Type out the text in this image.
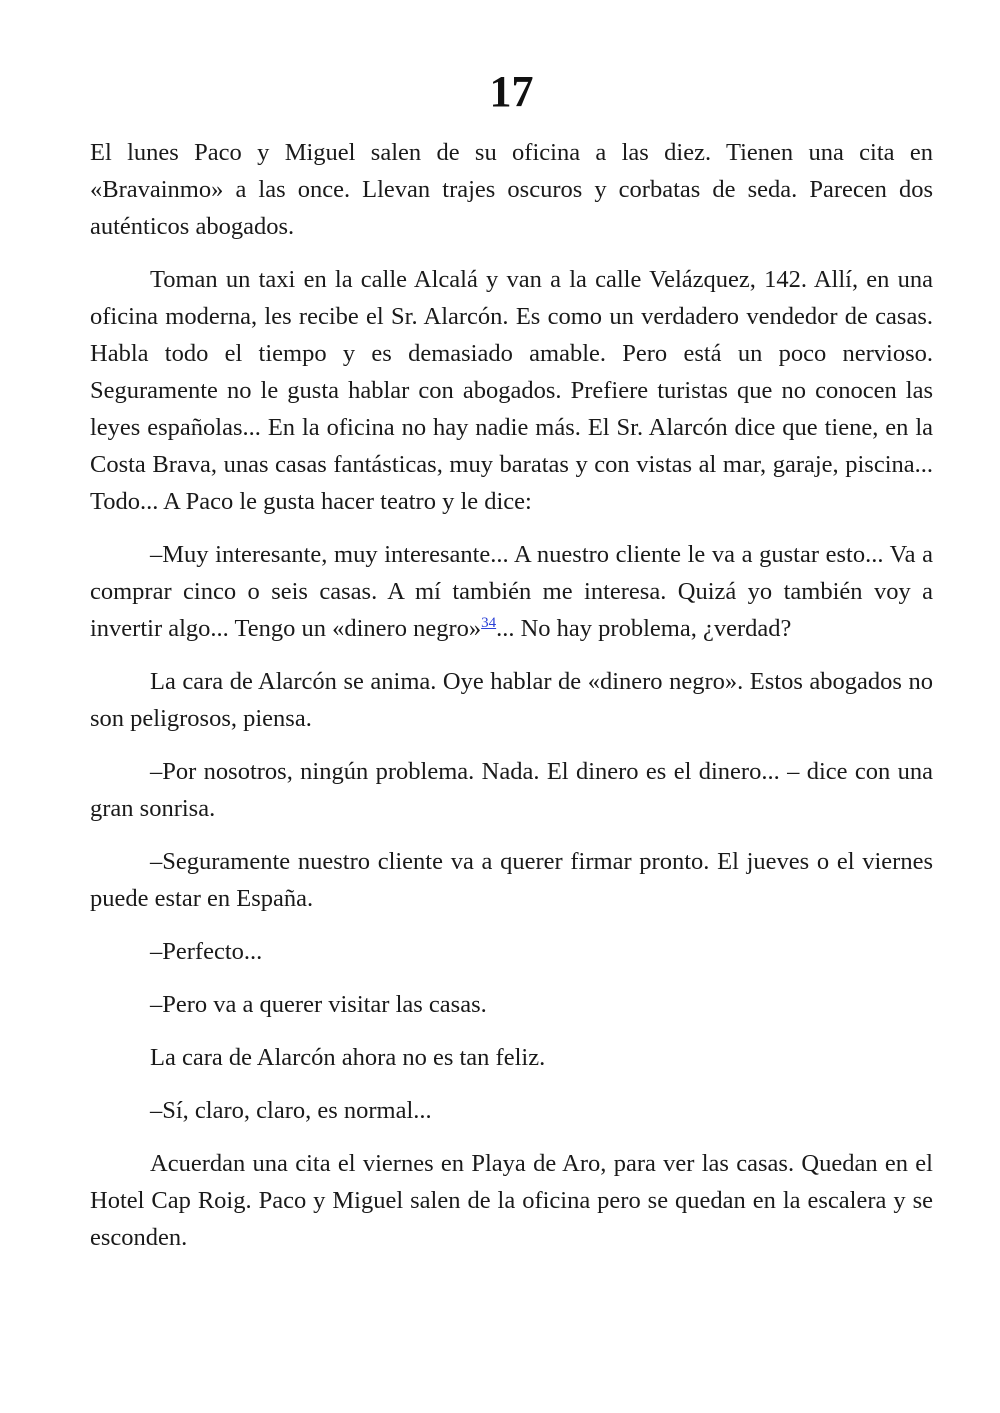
17

El lunes Paco y Miguel salen de su oficina a las diez. Tienen una cita en «Bravainmo» a las once. Llevan trajes oscuros y corbatas de seda. Parecen dos auténticos abogados.

Toman un taxi en la calle Alcalá y van a la calle Velázquez, 142. Allí, en una oficina moderna, les recibe el Sr. Alarcón. Es como un verdadero vendedor de casas. Habla todo el tiempo y es demasiado amable. Pero está un poco nervioso. Seguramente no le gusta hablar con abogados. Prefiere turistas que no conocen las leyes españolas... En la oficina no hay nadie más. El Sr. Alarcón dice que tiene, en la Costa Brava, unas casas fantásticas, muy baratas y con vistas al mar, garaje, piscina... Todo... A Paco le gusta hacer teatro y le dice:

–Muy interesante, muy interesante... A nuestro cliente le va a gustar esto... Va a comprar cinco o seis casas. A mí también me interesa. Quizá yo también voy a invertir algo... Tengo un «dinero negro»$^{34}$... No hay problema, ¿verdad?

La cara de Alarcón se anima. Oye hablar de «dinero negro». Estos abogados no son peligrosos, piensa.

–Por nosotros, ningún problema. Nada. El dinero es el dinero... – dice con una gran sonrisa.

–Seguramente nuestro cliente va a querer firmar pronto. El jueves o el viernes puede estar en España.

–Perfecto...

–Pero va a querer visitar las casas.

La cara de Alarcón ahora no es tan feliz.

–Sí, claro, claro, es normal...

Acuerdan una cita el viernes en Playa de Aro, para ver las casas. Quedan en el Hotel Cap Roig. Paco y Miguel salen de la oficina pero se quedan en la escalera y se esconden.
